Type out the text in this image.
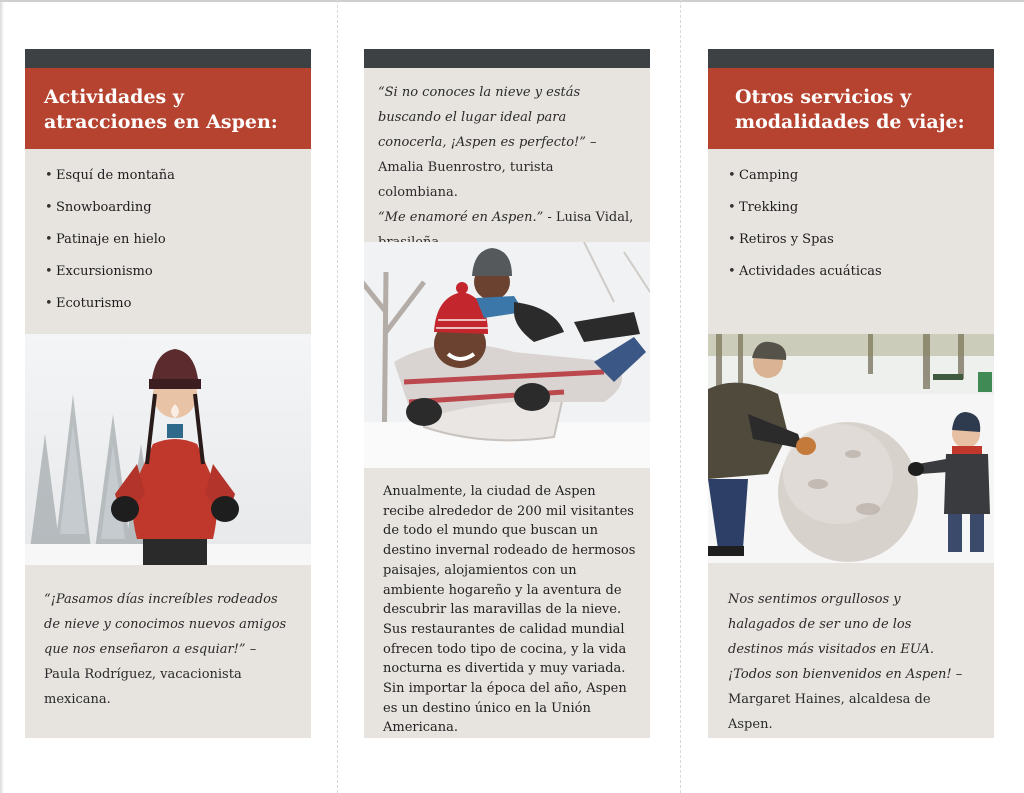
Actividades y atracciones en Aspen:
• Esquí de montaña
• Snowboarding
• Patinaje en hielo
• Excursionismo
• Ecoturismo
“¡Pasamos días increíbles rodeados de nieve y conocimos nuevos amigos que nos enseñaron a esquiar!” – Paula Rodríguez, vacacionista mexicana.
“Si no conoces la nieve y estás buscando el lugar ideal para conocerla, ¡Aspen es perfecto!” – Amalia Buenrostro, turista colombiana.
“Me enamoré en Aspen.” - Luisa Vidal,
Anualmente, la ciudad de Aspen recibe alrededor de 200 mil visitantes de todo el mundo que buscan un destino invernal rodeado de hermosos paisajes, alojamientos con un ambiente hogareño y la aventura de descubrir las maravillas de la nieve. Sus restaurantes de calidad mundial ofrecen todo tipo de cocina, y la vida nocturna es divertida y muy variada. Sin importar la época del año, Aspen es un destino único en la Unión Americana.
Otros servicios y modalidades de viaje:
• Camping
• Trekking
• Retiros y Spas
• Actividades acuáticas
Nos sentimos orgullosos y halagados de ser uno de los destinos más visitados en EUA. ¡Todos son bienvenidos en Aspen! – Margaret Haines, alcaldesa de Aspen.
